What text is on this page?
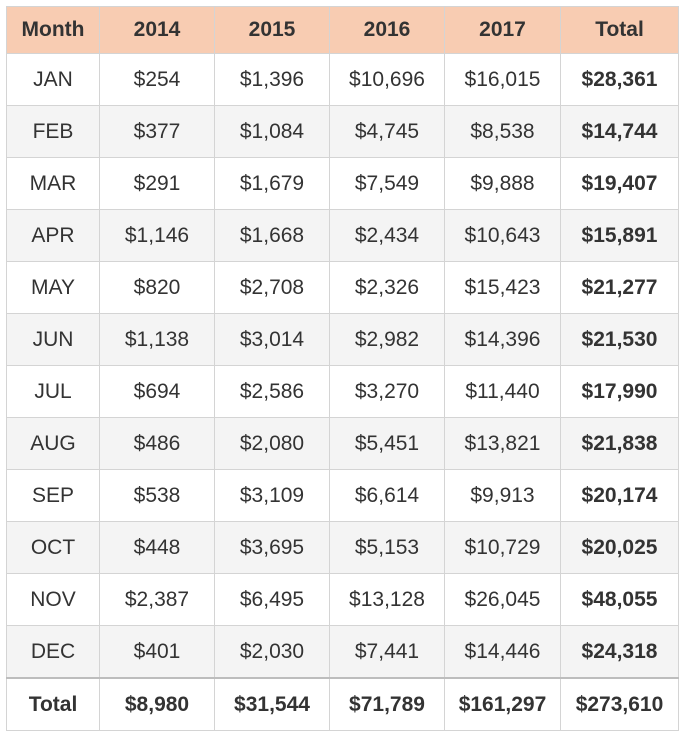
Month	2014	2015	2016	2017	Total
JAN	$254	$1,396	$10,696	$16,015	$28,361
FEB	$377	$1,084	$4,745	$8,538	$14,744
MAR	$291	$1,679	$7,549	$9,888	$19,407
APR	$1,146	$1,668	$2,434	$10,643	$15,891
MAY	$820	$2,708	$2,326	$15,423	$21,277
JUN	$1,138	$3,014	$2,982	$14,396	$21,530
JUL	$694	$2,586	$3,270	$11,440	$17,990
AUG	$486	$2,080	$5,451	$13,821	$21,838
SEP	$538	$3,109	$6,614	$9,913	$20,174
OCT	$448	$3,695	$5,153	$10,729	$20,025
NOV	$2,387	$6,495	$13,128	$26,045	$48,055
DEC	$401	$2,030	$7,441	$14,446	$24,318
Total	$8,980	$31,544	$71,789	$161,297	$273,610
